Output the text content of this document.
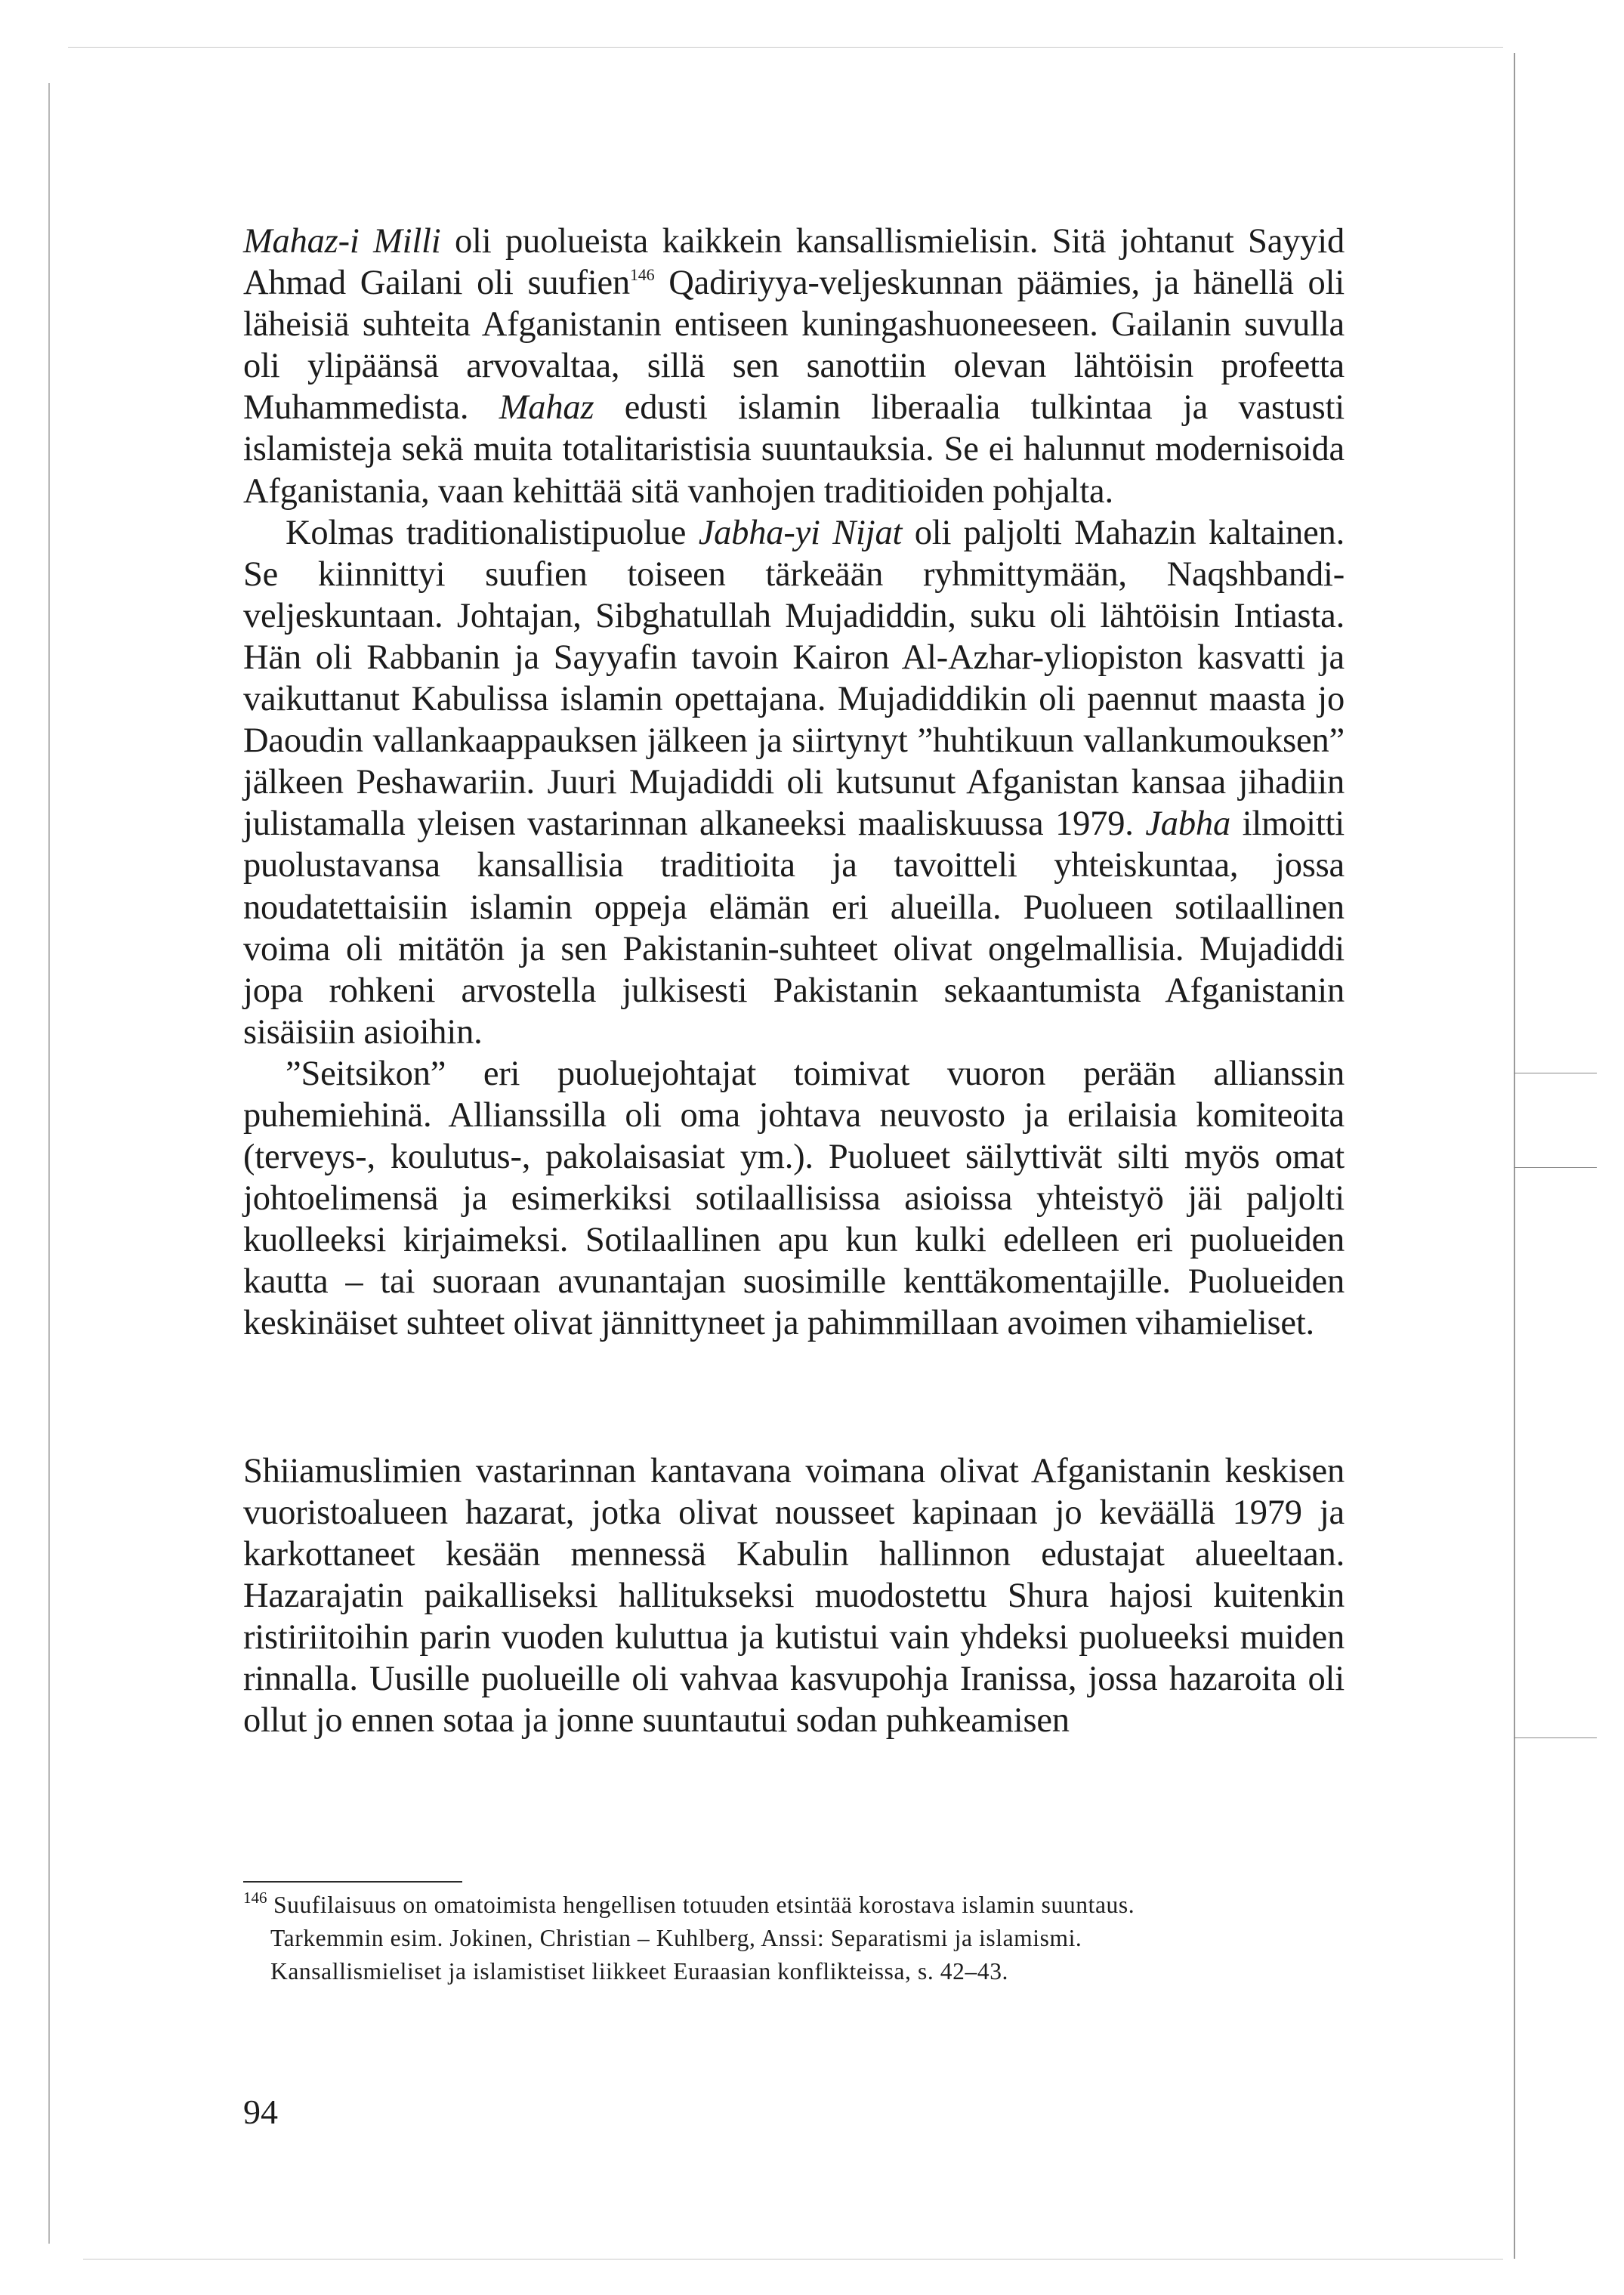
Mahaz-i Milli oli puolueista kaikkein kansallismielisin. Sitä johtanut Sayyid Ahmad Gailani oli suufien$^{146}$ Qadiriyya-veljeskunnan päämies, ja hänellä oli läheisiä suhteita Afganistanin entiseen kuningashuoneeseen. Gailanin suvulla oli ylipäänsä arvovaltaa, sillä sen sanottiin olevan lähtöisin profeetta Muhammedista. Mahaz edusti islamin liberaalia tulkintaa ja vastusti islamisteja sekä muita totalitaristisia suuntauksia. Se ei halunnut modernisoida Afganistania, vaan kehittää sitä vanhojen traditioiden pohjalta.

Kolmas traditionalistipuolue Jabha-yi Nijat oli paljolti Mahazin kaltainen. Se kiinnittyi suufien toiseen tärkeään ryhmittymään, Naqshbandi-veljeskuntaan. Johtajan, Sibghatullah Mujadiddin, suku oli lähtöisin Intiasta. Hän oli Rabbanin ja Sayyafin tavoin Kairon Al-Azhar-yliopiston kasvatti ja vaikuttanut Kabulissa islamin opettajana. Mujadiddikin oli paennut maasta jo Daoudin vallankaappauksen jälkeen ja siirtynyt ”huhtikuun vallankumouksen” jälkeen Peshawariin. Juuri Mujadiddi oli kutsunut Afganistan kansaa jihadiin julistamalla yleisen vastarinnan alkaneeksi maaliskuussa 1979. Jabha ilmoitti puolustavansa kansallisia traditioita ja tavoitteli yhteiskuntaa, jossa noudatettaisiin islamin oppeja elämän eri alueilla. Puolueen sotilaallinen voima oli mitätön ja sen Pakistanin-suhteet olivat ongelmallisia. Mujadiddi jopa rohkeni arvostella julkisesti Pakistanin sekaantumista Afganistanin sisäisiin asioihin.

”Seitsikon” eri puoluejohtajat toimivat vuoron perään allianssin puhemiehinä. Allianssilla oli oma johtava neuvosto ja erilaisia komiteoita (terveys-, koulutus-, pakolaisasiat ym.). Puolueet säilyttivät silti myös omat johtoelimensä ja esimerkiksi sotilaallisissa asioissa yhteistyö jäi paljolti kuolleeksi kirjaimeksi. Sotilaallinen apu kun kulki edelleen eri puolueiden kautta – tai suoraan avunantajan suosimille kenttäkomentajille. Puolueiden keskinäiset suhteet olivat jännittyneet ja pahimmillaan avoimen vihamieliset.

Shiiamuslimien vastarinnan kantavana voimana olivat Afganistanin keskisen vuoristoalueen hazarat, jotka olivat nousseet kapinaan jo keväällä 1979 ja karkottaneet kesään mennessä Kabulin hallinnon edustajat alueeltaan. Hazarajatin paikalliseksi hallitukseksi muodostettu Shura hajosi kuitenkin ristiriitoihin parin vuoden kuluttua ja kutistui vain yhdeksi puolueeksi muiden rinnalla. Uusille puolueille oli vahvaa kasvupohja Iranissa, jossa hazaroita oli ollut jo ennen sotaa ja jonne suuntautui sodan puhkeamisen

$^{146}$ Suufilaisuus on omatoimista hengellisen totuuden etsintää korostava islamin suuntaus.
Tarkemmin esim. Jokinen, Christian – Kuhlberg, Anssi: Separatismi ja islamismi.
Kansallismieliset ja islamistiset liikkeet Euraasian konflikteissa, s. 42–43.
94
